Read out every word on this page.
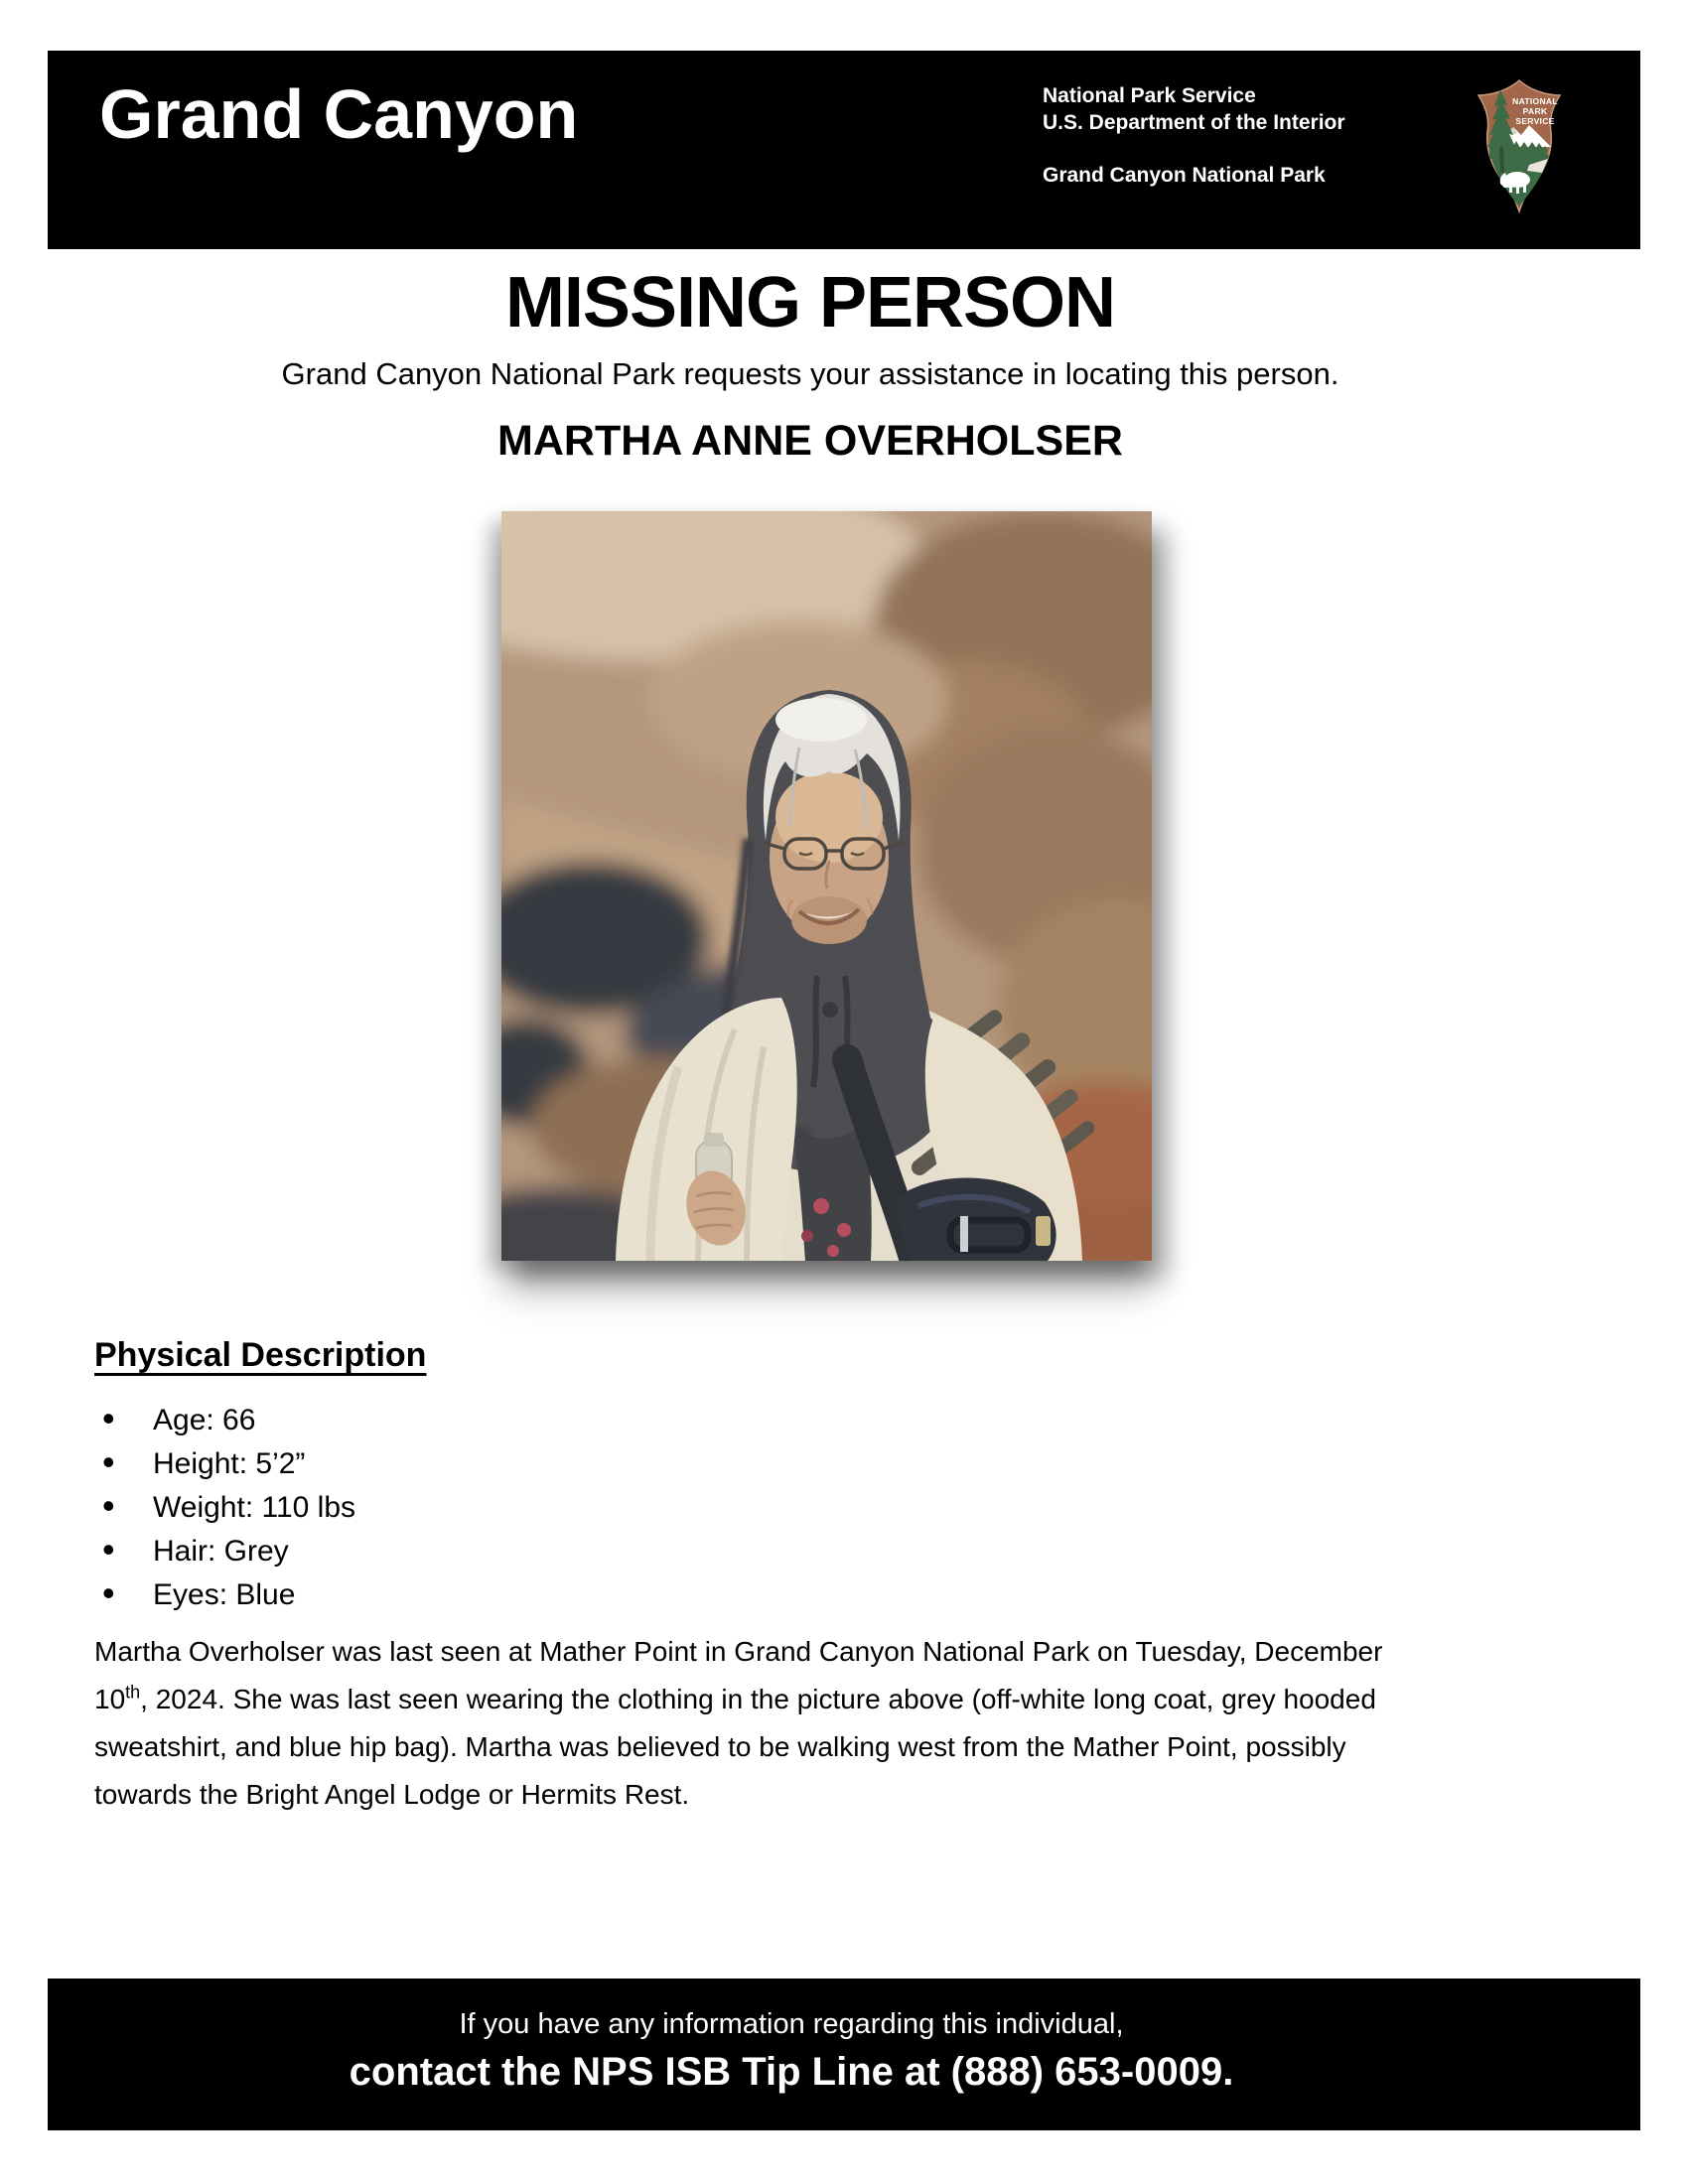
Grand Canyon	National Park Service
U.S. Department of the Interior
Grand Canyon National Park
NATIONAL
PARK
SERVICE
MISSING PERSON
Grand Canyon National Park requests your assistance in locating this person.
MARTHA ANNE OVERHOLSER
Physical Description
• Age: 66
• Height: 5’2”
• Weight: 110 lbs
• Hair: Grey
• Eyes: Blue
Martha Overholser was last seen at Mather Point in Grand Canyon National Park on Tuesday, December
10th, 2024. She was last seen wearing the clothing in the picture above (off-white long coat, grey hooded
sweatshirt, and blue hip bag). Martha was believed to be walking west from the Mather Point, possibly
towards the Bright Angel Lodge or Hermits Rest.
If you have any information regarding this individual,
contact the NPS ISB Tip Line at (888) 653-0009.
